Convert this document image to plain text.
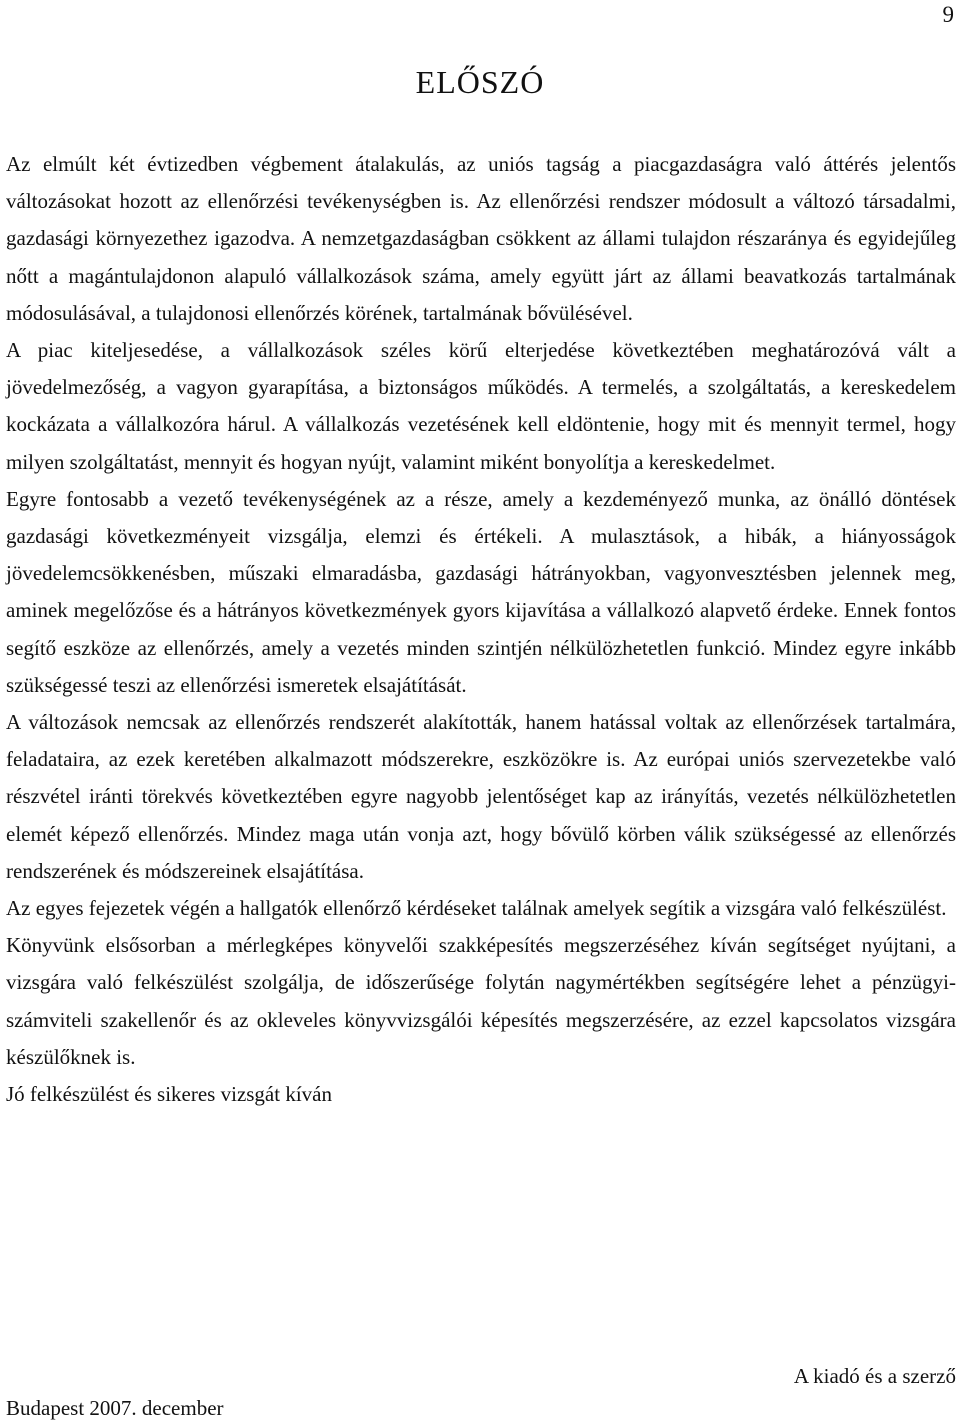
9
ELŐSZÓ

Az elmúlt két évtizedben végbement átalakulás, az uniós tagság a piacgazdaságra való áttérés jelentős változásokat hozott az ellenőrzési tevékenységben is. Az ellenőrzési rendszer módosult a változó társadalmi, gazdasági környezethez igazodva. A nemzetgazdaságban csökkent az állami tulajdon részaránya és egyidejűleg nőtt a magántulajdonon alapuló vállalkozások száma, amely együtt járt az állami beavatkozás tartalmának módosulásával, a tulajdonosi ellenőrzés körének, tartalmának bővülésével.

A piac kiteljesedése, a vállalkozások széles körű elterjedése következtében meghatározóvá vált a jövedelmezőség, a vagyon gyarapítása, a biztonságos működés. A termelés, a szolgáltatás, a kereskedelem kockázata a vállalkozóra hárul. A vállalkozás vezetésének kell eldöntenie, hogy mit és mennyit termel, hogy milyen szolgáltatást, mennyit és hogyan nyújt, valamint miként bonyolítja a kereskedelmet.

Egyre fontosabb a vezető tevékenységének az a része, amely a kezdeményező munka, az önálló döntések gazdasági következményeit vizsgálja, elemzi és értékeli. A mulasztások, a hibák, a hiányosságok jövedelemcsökkenésben, műszaki elmaradásba, gazdasági hátrányokban, vagyonvesztésben jelennek meg, aminek megelőzőse és a hátrányos következmények gyors kijavítása a vállalkozó alapvető érdeke. Ennek fontos segítő eszköze az ellenőrzés, amely a vezetés minden szintjén nélkülözhetetlen funkció. Mindez egyre inkább szükségessé teszi az ellenőrzési ismeretek elsajátítását.

A változások nemcsak az ellenőrzés rendszerét alakították, hanem hatással voltak az ellenőrzések tartalmára, feladataira, az ezek keretében alkalmazott módszerekre, eszközökre is. Az európai uniós szervezetekbe való részvétel iránti törekvés következtében egyre nagyobb jelentőséget kap az irányítás, vezetés nélkülözhetetlen elemét képező ellenőrzés. Mindez maga után vonja azt, hogy bővülő körben válik szükségessé az ellenőrzés rendszerének és módszereinek elsajátítása.

Az egyes fejezetek végén a hallgatók ellenőrző kérdéseket találnak amelyek segítik a vizsgára való felkészülést.

Könyvünk elsősorban a mérlegképes könyvelői szakképesítés megszerzéséhez kíván segítséget nyújtani, a vizsgára való felkészülést szolgálja, de időszerűsége folytán nagymértékben segítségére lehet a pénzügyi-számviteli szakellenőr és az okleveles könyvvizsgálói képesítés megszerzésére, az ezzel kapcsolatos vizsgára készülőknek is.

Jó felkészülést és sikeres vizsgát kíván

A kiadó és a szerző
Budapest 2007. december
